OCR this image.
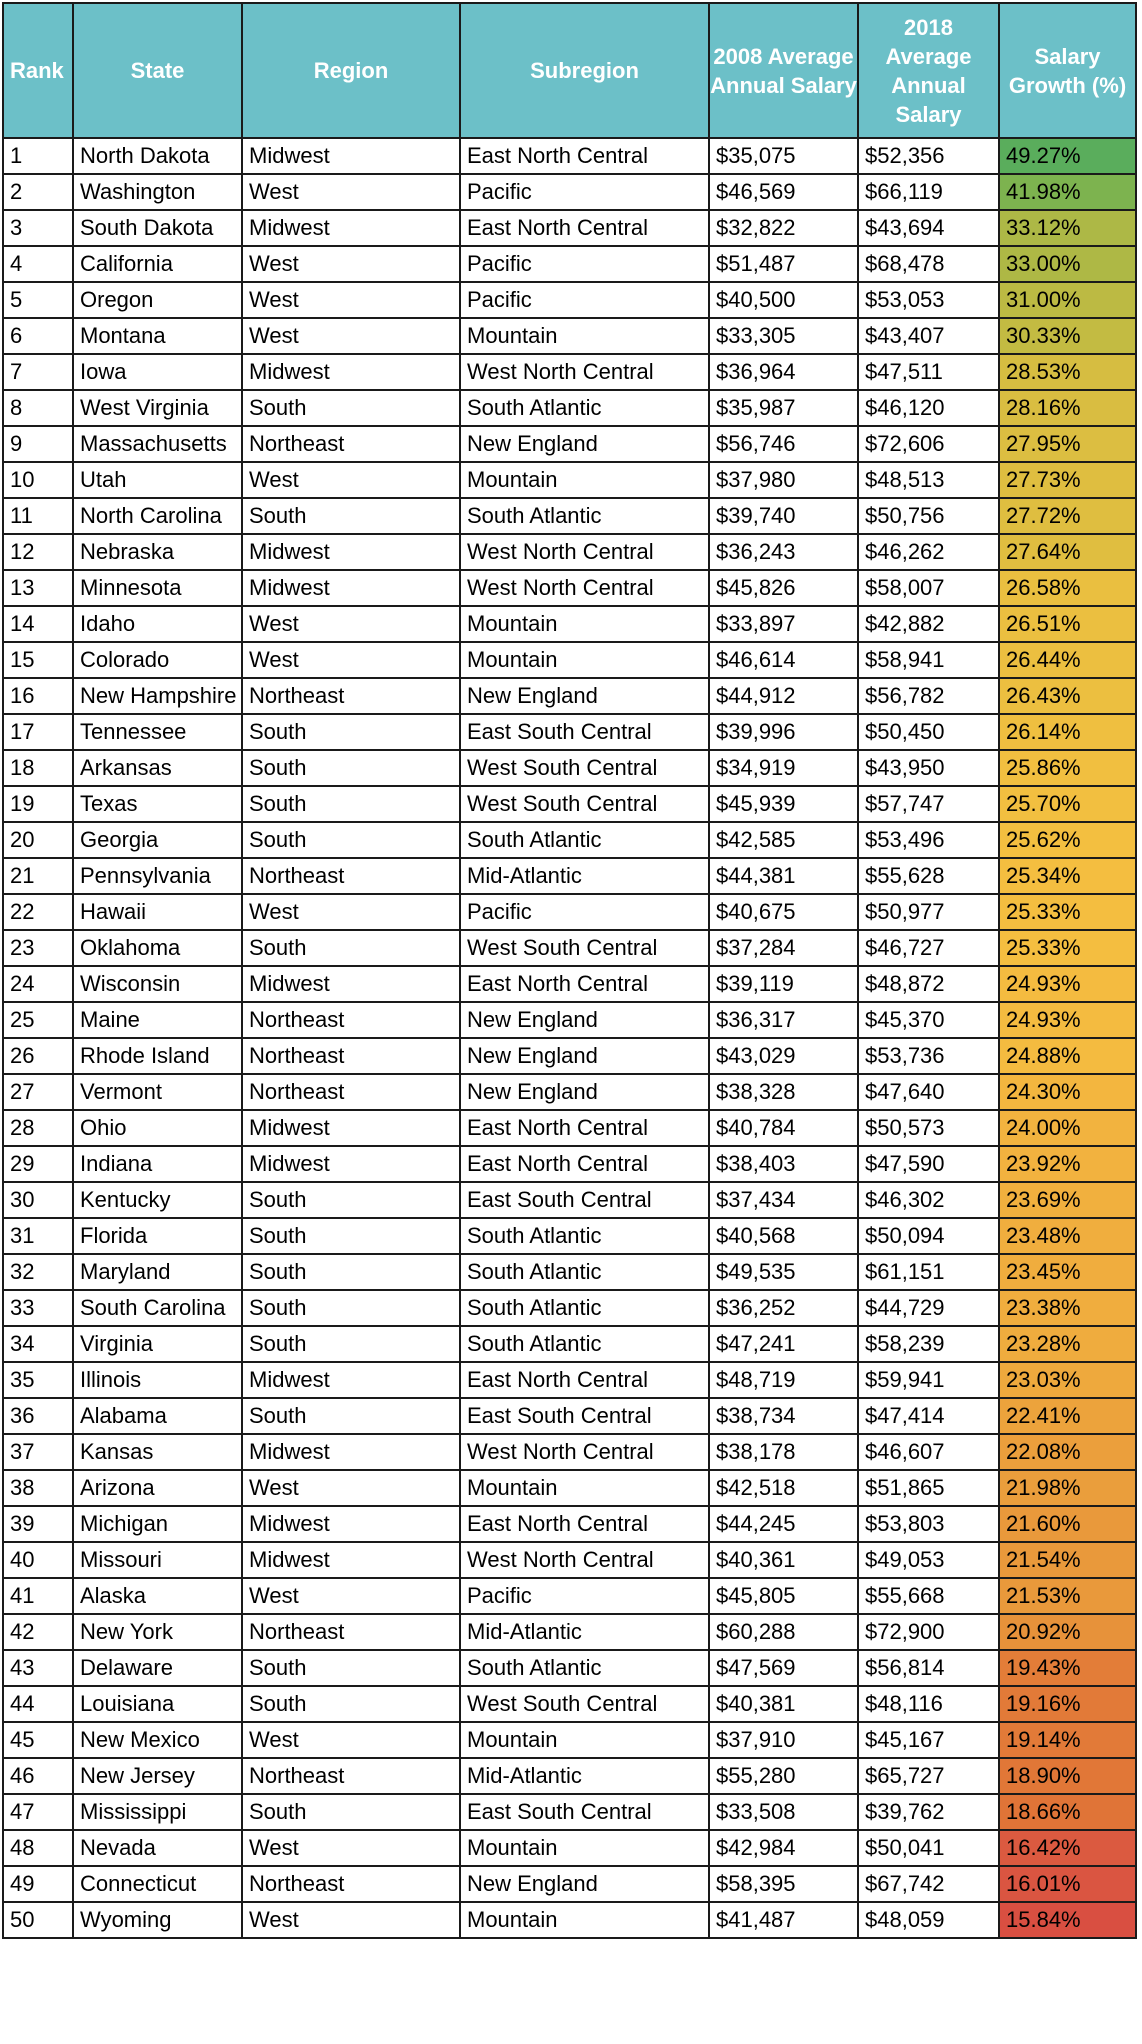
Rank	State	Region	Subregion	2008 Average Annual Salary	2018 Average Annual Salary	Salary Growth (%)
1	North Dakota	Midwest	East North Central	$35,075	$52,356	49.27%
2	Washington	West	Pacific	$46,569	$66,119	41.98%
3	South Dakota	Midwest	East North Central	$32,822	$43,694	33.12%
4	California	West	Pacific	$51,487	$68,478	33.00%
5	Oregon	West	Pacific	$40,500	$53,053	31.00%
6	Montana	West	Mountain	$33,305	$43,407	30.33%
7	Iowa	Midwest	West North Central	$36,964	$47,511	28.53%
8	West Virginia	South	South Atlantic	$35,987	$46,120	28.16%
9	Massachusetts	Northeast	New England	$56,746	$72,606	27.95%
10	Utah	West	Mountain	$37,980	$48,513	27.73%
11	North Carolina	South	South Atlantic	$39,740	$50,756	27.72%
12	Nebraska	Midwest	West North Central	$36,243	$46,262	27.64%
13	Minnesota	Midwest	West North Central	$45,826	$58,007	26.58%
14	Idaho	West	Mountain	$33,897	$42,882	26.51%
15	Colorado	West	Mountain	$46,614	$58,941	26.44%
16	New Hampshire	Northeast	New England	$44,912	$56,782	26.43%
17	Tennessee	South	East South Central	$39,996	$50,450	26.14%
18	Arkansas	South	West South Central	$34,919	$43,950	25.86%
19	Texas	South	West South Central	$45,939	$57,747	25.70%
20	Georgia	South	South Atlantic	$42,585	$53,496	25.62%
21	Pennsylvania	Northeast	Mid-Atlantic	$44,381	$55,628	25.34%
22	Hawaii	West	Pacific	$40,675	$50,977	25.33%
23	Oklahoma	South	West South Central	$37,284	$46,727	25.33%
24	Wisconsin	Midwest	East North Central	$39,119	$48,872	24.93%
25	Maine	Northeast	New England	$36,317	$45,370	24.93%
26	Rhode Island	Northeast	New England	$43,029	$53,736	24.88%
27	Vermont	Northeast	New England	$38,328	$47,640	24.30%
28	Ohio	Midwest	East North Central	$40,784	$50,573	24.00%
29	Indiana	Midwest	East North Central	$38,403	$47,590	23.92%
30	Kentucky	South	East South Central	$37,434	$46,302	23.69%
31	Florida	South	South Atlantic	$40,568	$50,094	23.48%
32	Maryland	South	South Atlantic	$49,535	$61,151	23.45%
33	South Carolina	South	South Atlantic	$36,252	$44,729	23.38%
34	Virginia	South	South Atlantic	$47,241	$58,239	23.28%
35	Illinois	Midwest	East North Central	$48,719	$59,941	23.03%
36	Alabama	South	East South Central	$38,734	$47,414	22.41%
37	Kansas	Midwest	West North Central	$38,178	$46,607	22.08%
38	Arizona	West	Mountain	$42,518	$51,865	21.98%
39	Michigan	Midwest	East North Central	$44,245	$53,803	21.60%
40	Missouri	Midwest	West North Central	$40,361	$49,053	21.54%
41	Alaska	West	Pacific	$45,805	$55,668	21.53%
42	New York	Northeast	Mid-Atlantic	$60,288	$72,900	20.92%
43	Delaware	South	South Atlantic	$47,569	$56,814	19.43%
44	Louisiana	South	West South Central	$40,381	$48,116	19.16%
45	New Mexico	West	Mountain	$37,910	$45,167	19.14%
46	New Jersey	Northeast	Mid-Atlantic	$55,280	$65,727	18.90%
47	Mississippi	South	East South Central	$33,508	$39,762	18.66%
48	Nevada	West	Mountain	$42,984	$50,041	16.42%
49	Connecticut	Northeast	New England	$58,395	$67,742	16.01%
50	Wyoming	West	Mountain	$41,487	$48,059	15.84%
